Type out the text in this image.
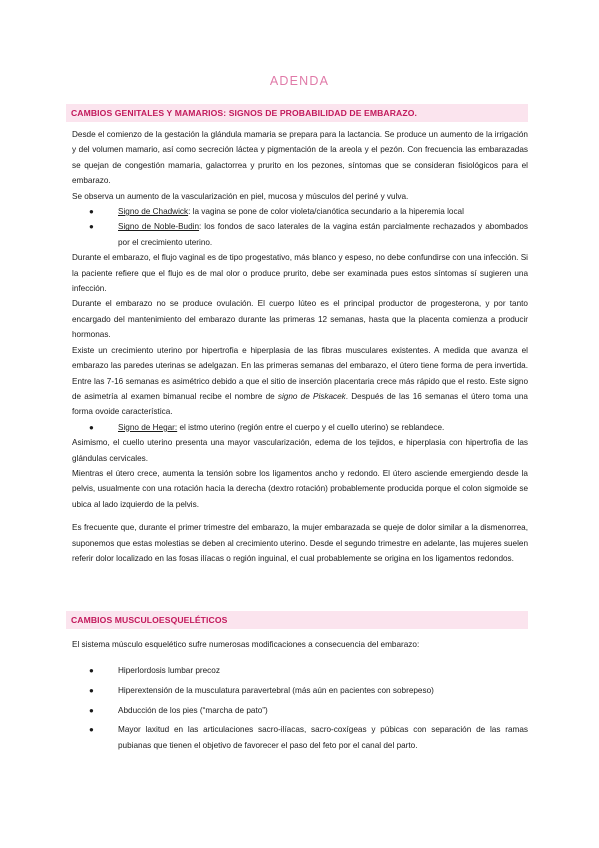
ADENDA
CAMBIOS GENITALES Y MAMARIOS: SIGNOS DE PROBABILIDAD DE EMBARAZO.

Desde el comienzo de la gestación la glándula mamaria se prepara para la lactancia. Se produce un aumento de la irrigación y del volumen mamario, así como secreción láctea y pigmentación de la areola y el pezón. Con frecuencia las embarazadas se quejan de congestión mamaria, galactorrea y prurito en los pezones, síntomas que se consideran fisiológicos para el embarazo.

Se observa un aumento de la vascularización en piel, mucosa y músculos del periné y vulva.

●	Signo de Chadwick: la vagina se pone de color violeta/cianótica secundario a la hiperemia local
●	Signo de Noble-Budin: los fondos de saco laterales de la vagina están parcialmente rechazados y abombados por el crecimiento uterino.

Durante el embarazo, el flujo vaginal es de tipo progestativo, más blanco y espeso, no debe confundirse con una infección. Si la paciente refiere que el flujo es de mal olor o produce prurito, debe ser examinada pues estos síntomas sí sugieren una infección.

Durante el embarazo no se produce ovulación. El cuerpo lúteo es el principal productor de progesterona, y por tanto encargado del mantenimiento del embarazo durante las primeras 12 semanas, hasta que la placenta comienza a producir hormonas.

Existe un crecimiento uterino por hipertrofia e hiperplasia de las fibras musculares existentes. A medida que avanza el embarazo las paredes uterinas se adelgazan. En las primeras semanas del embarazo, el útero tiene forma de pera invertida. Entre las 7-16 semanas es asimétrico debido a que el sitio de inserción placentaria crece más rápido que el resto. Este signo de asimetría al examen bimanual recibe el nombre de signo de Piskacek. Después de las 16 semanas el útero toma una forma ovoide característica.

●	Signo de Hegar: el istmo uterino (región entre el cuerpo y el cuello uterino) se reblandece.

Asimismo, el cuello uterino presenta una mayor vascularización, edema de los tejidos, e hiperplasia con hipertrofia de las glándulas cervicales.

Mientras el útero crece, aumenta la tensión sobre los ligamentos ancho y redondo. El útero asciende emergiendo desde la pelvis, usualmente con una rotación hacia la derecha (dextro rotación) probablemente producida porque el colon sigmoide se ubica al lado izquierdo de la pelvis.

Es frecuente que, durante el primer trimestre del embarazo, la mujer embarazada se queje de dolor similar a la dismenorrea, suponemos que estas molestias se deben al crecimiento uterino. Desde el segundo trimestre en adelante, las mujeres suelen referir dolor localizado en las fosas ilíacas o región inguinal, el cual probablemente se origina en los ligamentos redondos.

CAMBIOS MUSCULOESQUELÉTICOS

El sistema músculo esquelético sufre numerosas modificaciones a consecuencia del embarazo:

●	Hiperlordosis lumbar precoz
●	Hiperextensión de la musculatura paravertebral (más aún en pacientes con sobrepeso)
●	Abducción de los pies (“marcha de pato”)
●	Mayor laxitud en las articulaciones sacro-ilíacas, sacro-coxígeas y púbicas con separación de las ramas pubianas que tienen el objetivo de favorecer el paso del feto por el canal del parto.
